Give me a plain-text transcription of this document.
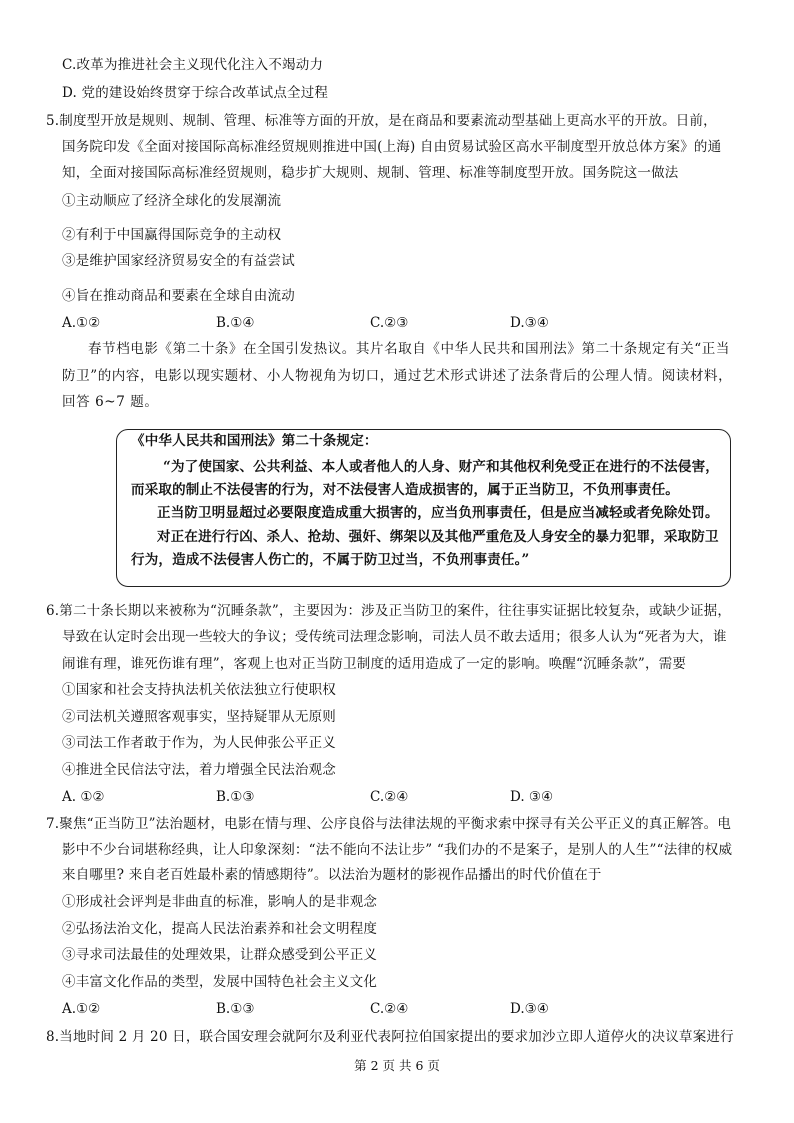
C.改革为推进社会主义现代化注入不竭动力
D. 党的建设始终贯穿于综合改革试点全过程
5.制度型开放是规则、规制、管理、标准等方面的开放，是在商品和要素流动型基础上更高水平的开放。日前，
国务院印发《全面对接国际高标准经贸规则推进中国(上海) 自由贸易试验区高水平制度型开放总体方案》的通
知，全面对接国际高标准经贸规则，稳步扩大规则、规制、管理、标准等制度型开放。国务院这一做法
①主动顺应了经济全球化的发展潮流
②有利于中国赢得国际竞争的主动权
③是维护国家经济贸易安全的有益尝试
④旨在推动商品和要素在全球自由流动
A.①②	B.①④	C.②③	D.③④
春节档电影《第二十条》在全国引发热议。其片名取自《中华人民共和国刑法》第二十条规定有关“正当
防卫”的内容，电影以现实题材、小人物视角为切口，通过艺术形式讲述了法条背后的公理人情。阅读材料，
回答 6~7 题。
《中华人民共和国刑法》第二十条规定：
“为了使国家、公共利益、本人或者他人的人身、财产和其他权利免受正在进行的不法侵害，
而采取的制止不法侵害的行为，对不法侵害人造成损害的，属于正当防卫，不负刑事责任。
正当防卫明显超过必要限度造成重大损害的，应当负刑事责任，但是应当减轻或者免除处罚。
对正在进行行凶、杀人、抢劫、强奸、绑架以及其他严重危及人身安全的暴力犯罪，采取防卫
行为，造成不法侵害人伤亡的，不属于防卫过当，不负刑事责任。”
6.第二十条长期以来被称为“沉睡条款”，主要因为：涉及正当防卫的案件，往往事实证据比较复杂，或缺少证据，
导致在认定时会出现一些较大的争议；受传统司法理念影响，司法人员不敢去适用；很多人认为“死者为大，谁
闹谁有理，谁死伤谁有理”，客观上也对正当防卫制度的适用造成了一定的影响。唤醒“沉睡条款”，需要
①国家和社会支持执法机关依法独立行使职权
②司法机关遵照客观事实，坚持疑罪从无原则
③司法工作者敢于作为，为人民伸张公平正义
④推进全民信法守法，着力增强全民法治观念
A. ①②	B.①③	C.②④	D. ③④
7.聚焦“正当防卫”法治题材，电影在情与理、公序良俗与法律法规的平衡求索中探寻有关公平正义的真正解答。电
影中不少台词堪称经典，让人印象深刻：“法不能向不法让步” “我们办的不是案子，是别人的人生”“法律的权威
来自哪里? 来自老百姓最朴素的情感期待”。以法治为题材的影视作品播出的时代价值在于
①形成社会评判是非曲直的标准，影响人的是非观念
②弘扬法治文化，提高人民法治素养和社会文明程度
③寻求司法最佳的处理效果，让群众感受到公平正义
④丰富文化作品的类型，发展中国特色社会主义文化
A.①②	B.①③	C.②④	D.③④
8.当地时间 2 月 20 日，联合国安理会就阿尔及利亚代表阿拉伯国家提出的要求加沙立即人道停火的决议草案进行
第 2 页 共 6 页
